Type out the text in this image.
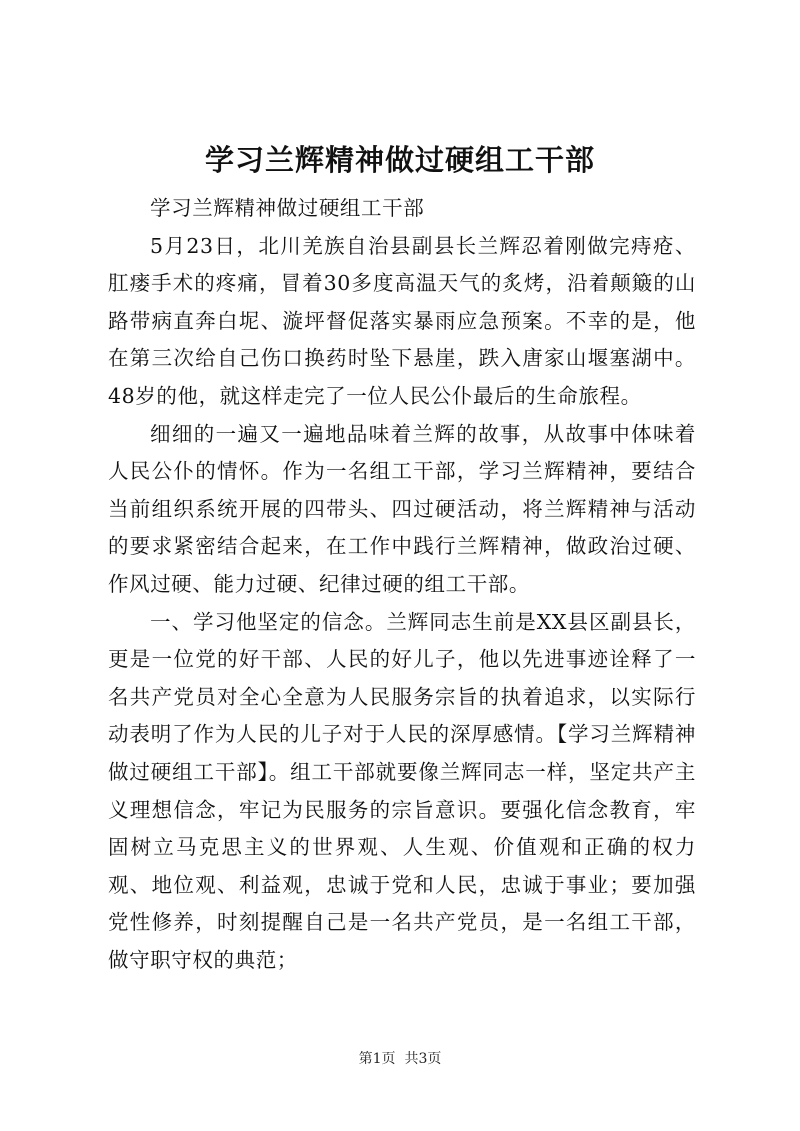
学习兰辉精神做过硬组工干部

学习兰辉精神做过硬组工干部

5月23日，北川羌族自治县副县长兰辉忍着刚做完痔疮、肛瘘手术的疼痛，冒着30多度高温天气的炙烤，沿着颠簸的山路带病直奔白坭、漩坪督促落实暴雨应急预案。不幸的是，他在第三次给自己伤口换药时坠下悬崖，跌入唐家山堰塞湖中。48岁的他，就这样走完了一位人民公仆最后的生命旅程。

细细的一遍又一遍地品味着兰辉的故事，从故事中体味着人民公仆的情怀。作为一名组工干部，学习兰辉精神，要结合当前组织系统开展的四带头、四过硬活动，将兰辉精神与活动的要求紧密结合起来，在工作中践行兰辉精神，做政治过硬、作风过硬、能力过硬、纪律过硬的组工干部。

一、学习他坚定的信念。兰辉同志生前是XX县区副县长，更是一位党的好干部、人民的好儿子，他以先进事迹诠释了一名共产党员对全心全意为人民服务宗旨的执着追求，以实际行动表明了作为人民的儿子对于人民的深厚感情。【学习兰辉精神做过硬组工干部】。组工干部就要像兰辉同志一样，坚定共产主义理想信念，牢记为民服务的宗旨意识。要强化信念教育，牢固树立马克思主义的世界观、人生观、价值观和正确的权力观、地位观、利益观，忠诚于党和人民，忠诚于事业；要加强党性修养，时刻提醒自己是一名共产党员，是一名组工干部，做守职守权的典范；

第1页 共3页
